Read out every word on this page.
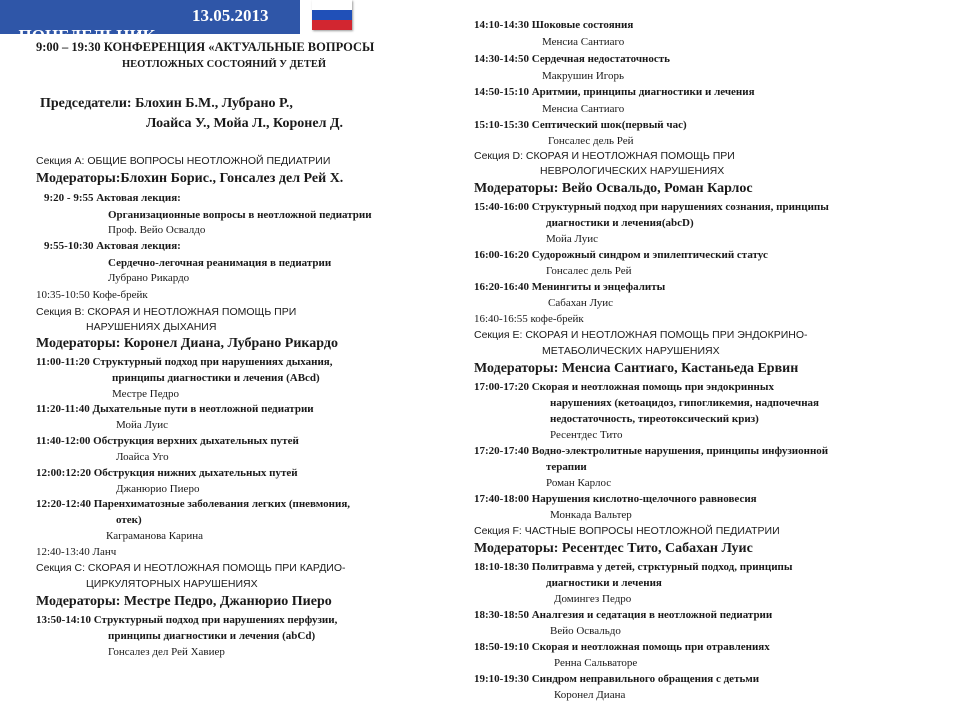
ПОНЕДЕЛЬНИК

13.05.2013

9:00 – 19:30 КОНФЕРЕНЦИЯ «АКТУАЛЬНЫЕ ВОПРОСЫ
НЕОТЛОЖНЫХ СОСТОЯНИЙ У ДЕТЕЙ
Председатели: Блохин Б.М., Лубрано Р.,
Лоайса У., Мойа Л., Коронел Д.
Секция A: ОБЩИЕ ВОПРОСЫ НЕОТЛОЖНОЙ ПЕДИАТРИИ
Модераторы:Блохин Борис., Гонсалез дел Рей Х.
9:20 - 9:55 Актовая лекция:
Организационные вопросы в неотложной педиатрии
Проф. Вейо Освалдо
9:55-10:30 Актовая лекция:
Сердечно-легочная реанимация в педиатрии
Лубрано Рикардо
10:35-10:50 Кофе-брейк
Секция B: СКОРАЯ И НЕОТЛОЖНАЯ ПОМОЩЬ ПРИ
НАРУШЕНИЯХ ДЫХАНИЯ
Модераторы: Коронел Диана, Лубрано Рикардо
11:00-11:20 Структурный подход при нарушениях дыхания,
принципы диагностики и лечения (ABcd)
Местре Педро
11:20-11:40 Дыхательные пути в неотложной педиатрии
Мойа Луис
11:40-12:00 Обструкция верхних дыхательных путей
Лоайса Уго
12:00:12:20 Обструкция нижних дыхательных путей
Джанюрио Пиеро
12:20-12:40 Паренхиматозные заболевания легких (пневмония,
отек)
Каграманова Карина
12:40-13:40 Ланч
Секция C: СКОРАЯ И НЕОТЛОЖНАЯ ПОМОЩЬ ПРИ КАРДИО-
ЦИРКУЛЯТОРНЫХ НАРУШЕНИЯХ
Модераторы: Местре Педро, Джанюрио Пиеро
13:50-14:10 Структурный подход при нарушениях перфузии,
принципы диагностики и лечения (abCd)
Гонсалез дел Рей Хавиер
14:10-14:30 Шоковые состояния
Менсиа Сантиаго
14:30-14:50 Сердечная недостаточность
Макрушин Игорь
14:50-15:10 Аритмии, принципы диагностики и лечения
Менсиа Сантиаго
15:10-15:30 Септический шок(первый час)
Гонсалес дель Рей
Секция D: СКОРАЯ И НЕОТЛОЖНАЯ ПОМОЩЬ ПРИ
НЕВРОЛОГИЧЕСКИХ НАРУШЕНИЯХ
Модераторы: Вейо Освальдо, Роман Карлос
15:40-16:00 Структурный подход при нарушениях сознания, принципы
диагностики и лечения(abcD)
Мойа Луис
16:00-16:20 Судорожный синдром и эпилептический статус
Гонсалес дель Рей
16:20-16:40 Менингиты и энцефалиты
Сабахан Луис
16:40-16:55 кофе-брейк
Секция E: СКОРАЯ И НЕОТЛОЖНАЯ ПОМОЩЬ ПРИ ЭНДОКРИНО-
МЕТАБОЛИЧЕСКИХ НАРУШЕНИЯХ
Модераторы: Менсиа Сантиаго, Кастаньеда Ервин
17:00-17:20 Скорая и неотложная помощь при эндокринных
нарушениях (кетоацидоз, гипогликемия, надпочечная
недостаточность, тиреотоксический криз)
Ресентдес Тито
17:20-17:40 Водно-электролитные нарушения, принципы инфузионной
терапии
Роман Карлос
17:40-18:00 Нарушения кислотно-щелочного равновесия
Монкада Вальтер
Секция F: ЧАСТНЫЕ ВОПРОСЫ НЕОТЛОЖНОЙ ПЕДИАТРИИ
Модераторы: Ресентдес Тито, Сабахан Луис
18:10-18:30 Политравма у детей, стрктурный подход, принципы
диагностики и лечения
Домингез Педро
18:30-18:50 Аналгезия и седатация в неотложной педиатрии
Вейо Освальдо
18:50-19:10 Скорая и неотложная помощь при отравлениях
Ренна Сальваторе
19:10-19:30 Синдром неправильного обращения с детьми
Коронел Диана
